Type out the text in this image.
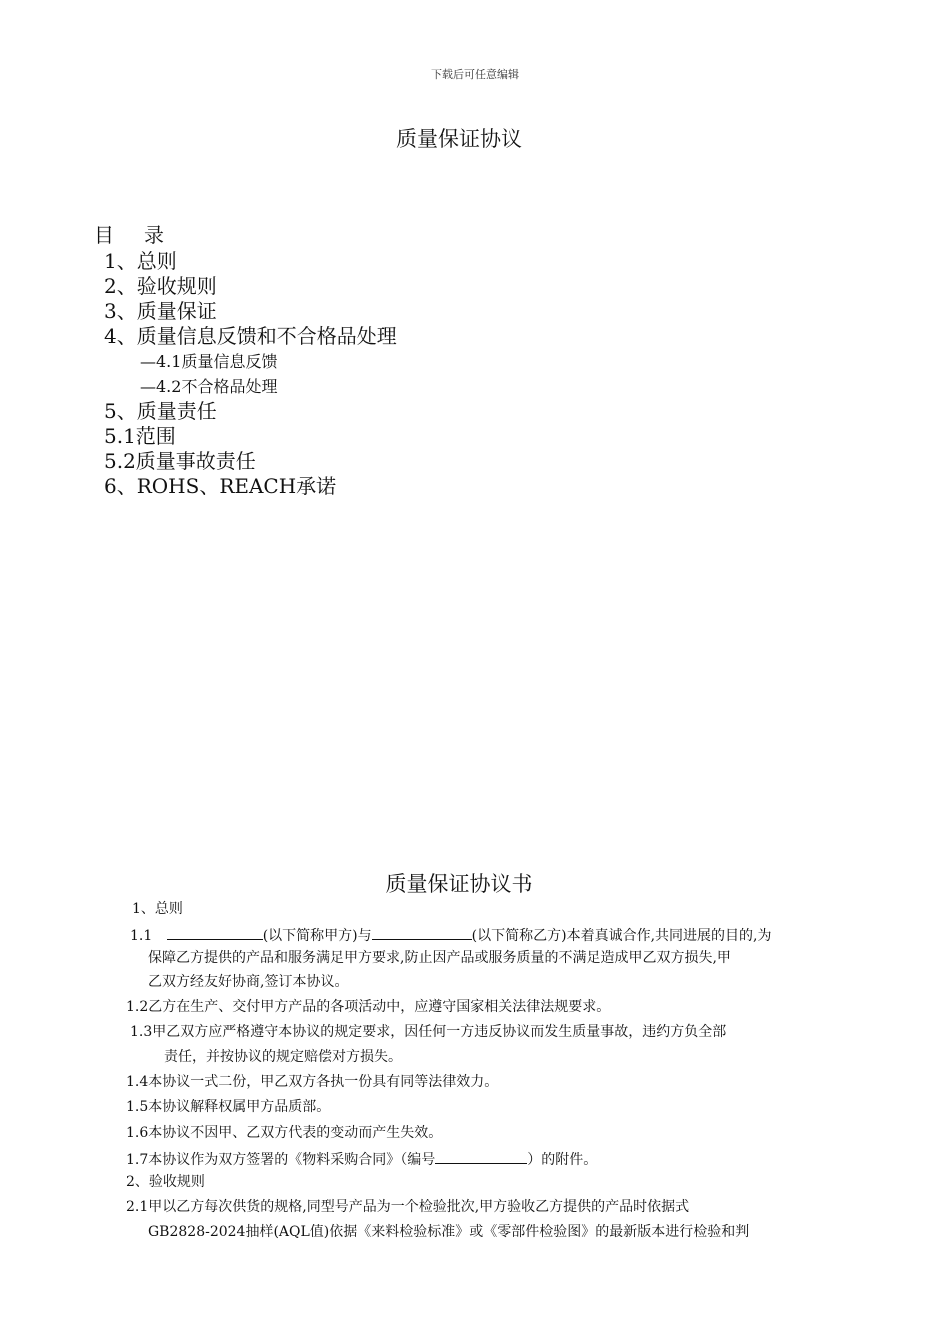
下载后可任意编辑
质量保证协议
目录
1、总则
2、验收规则
3、质量保证
4、质量信息反馈和不合格品处理
—4.1质量信息反馈
—4.2不合格品处理
5、质量责任
5.1范围
5.2质量事故责任
6、ROHS、REACH承诺
质量保证协议书
1、总则
1.1	(以下简称甲方)与	(以下简称乙方)本着真诚合作,共同进展的目的,为
保障乙方提供的产品和服务满足甲方要求,防止因产品或服务质量的不满足造成甲乙双方损失,甲
乙双方经友好协商,签订本协议。
1.2乙方在生产、交付甲方产品的各项活动中，应遵守国家相关法律法规要求。
1.3甲乙双方应严格遵守本协议的规定要求，因任何一方违反协议而发生质量事故，违约方负全部
责任，并按协议的规定赔偿对方损失。
1.4本协议一式二份，甲乙双方各执一份具有同等法律效力。
1.5本协议解释权属甲方品质部。
1.6本协议不因甲、乙双方代表的变动而产生失效。
1.7本协议作为双方签署的《物料采购合同》（编号	）的附件。
2、验收规则
2.1甲以乙方每次供货的规格,同型号产品为一个检验批次,甲方验收乙方提供的产品时依据式
GB2828-2024抽样(AQL值)依据《来料检验标准》或《零部件检验图》的最新版本进行检验和判
